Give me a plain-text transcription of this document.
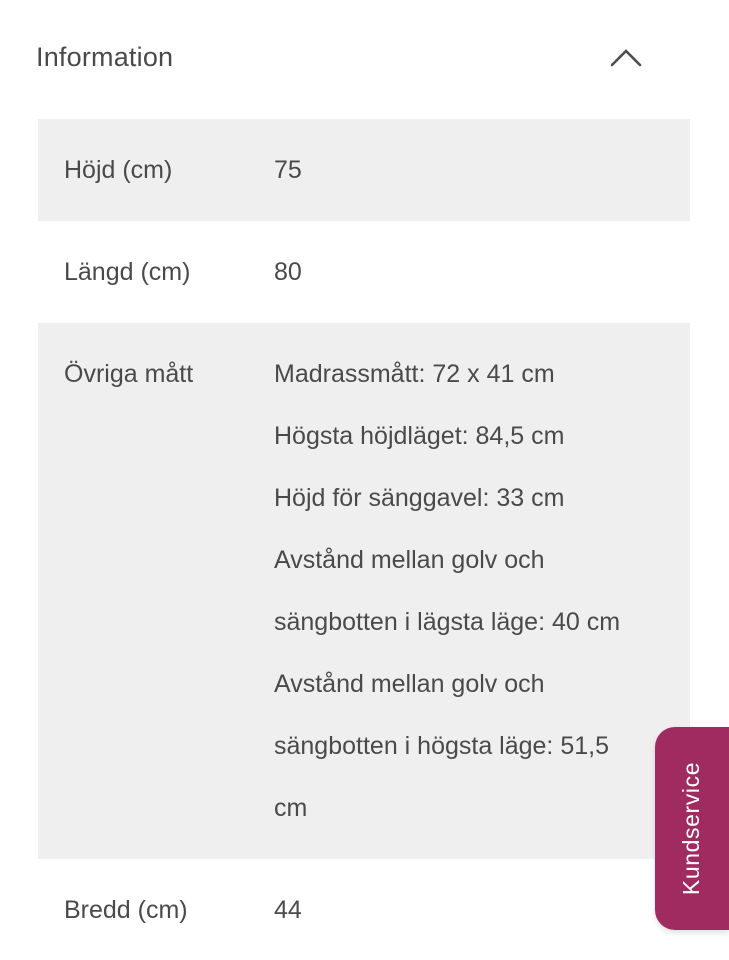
Information
Höjd (cm)	75
Längd (cm)	80
Övriga mått	Madrassmått: 72 x 41 cm
Högsta höjdläget: 84,5 cm
Höjd för sänggavel: 33 cm
Avstånd mellan golv och sängbotten i lägsta läge: 40 cm
Avstånd mellan golv och sängbotten i högsta läge: 51,5 cm
Bredd (cm)	44
Kundservice
